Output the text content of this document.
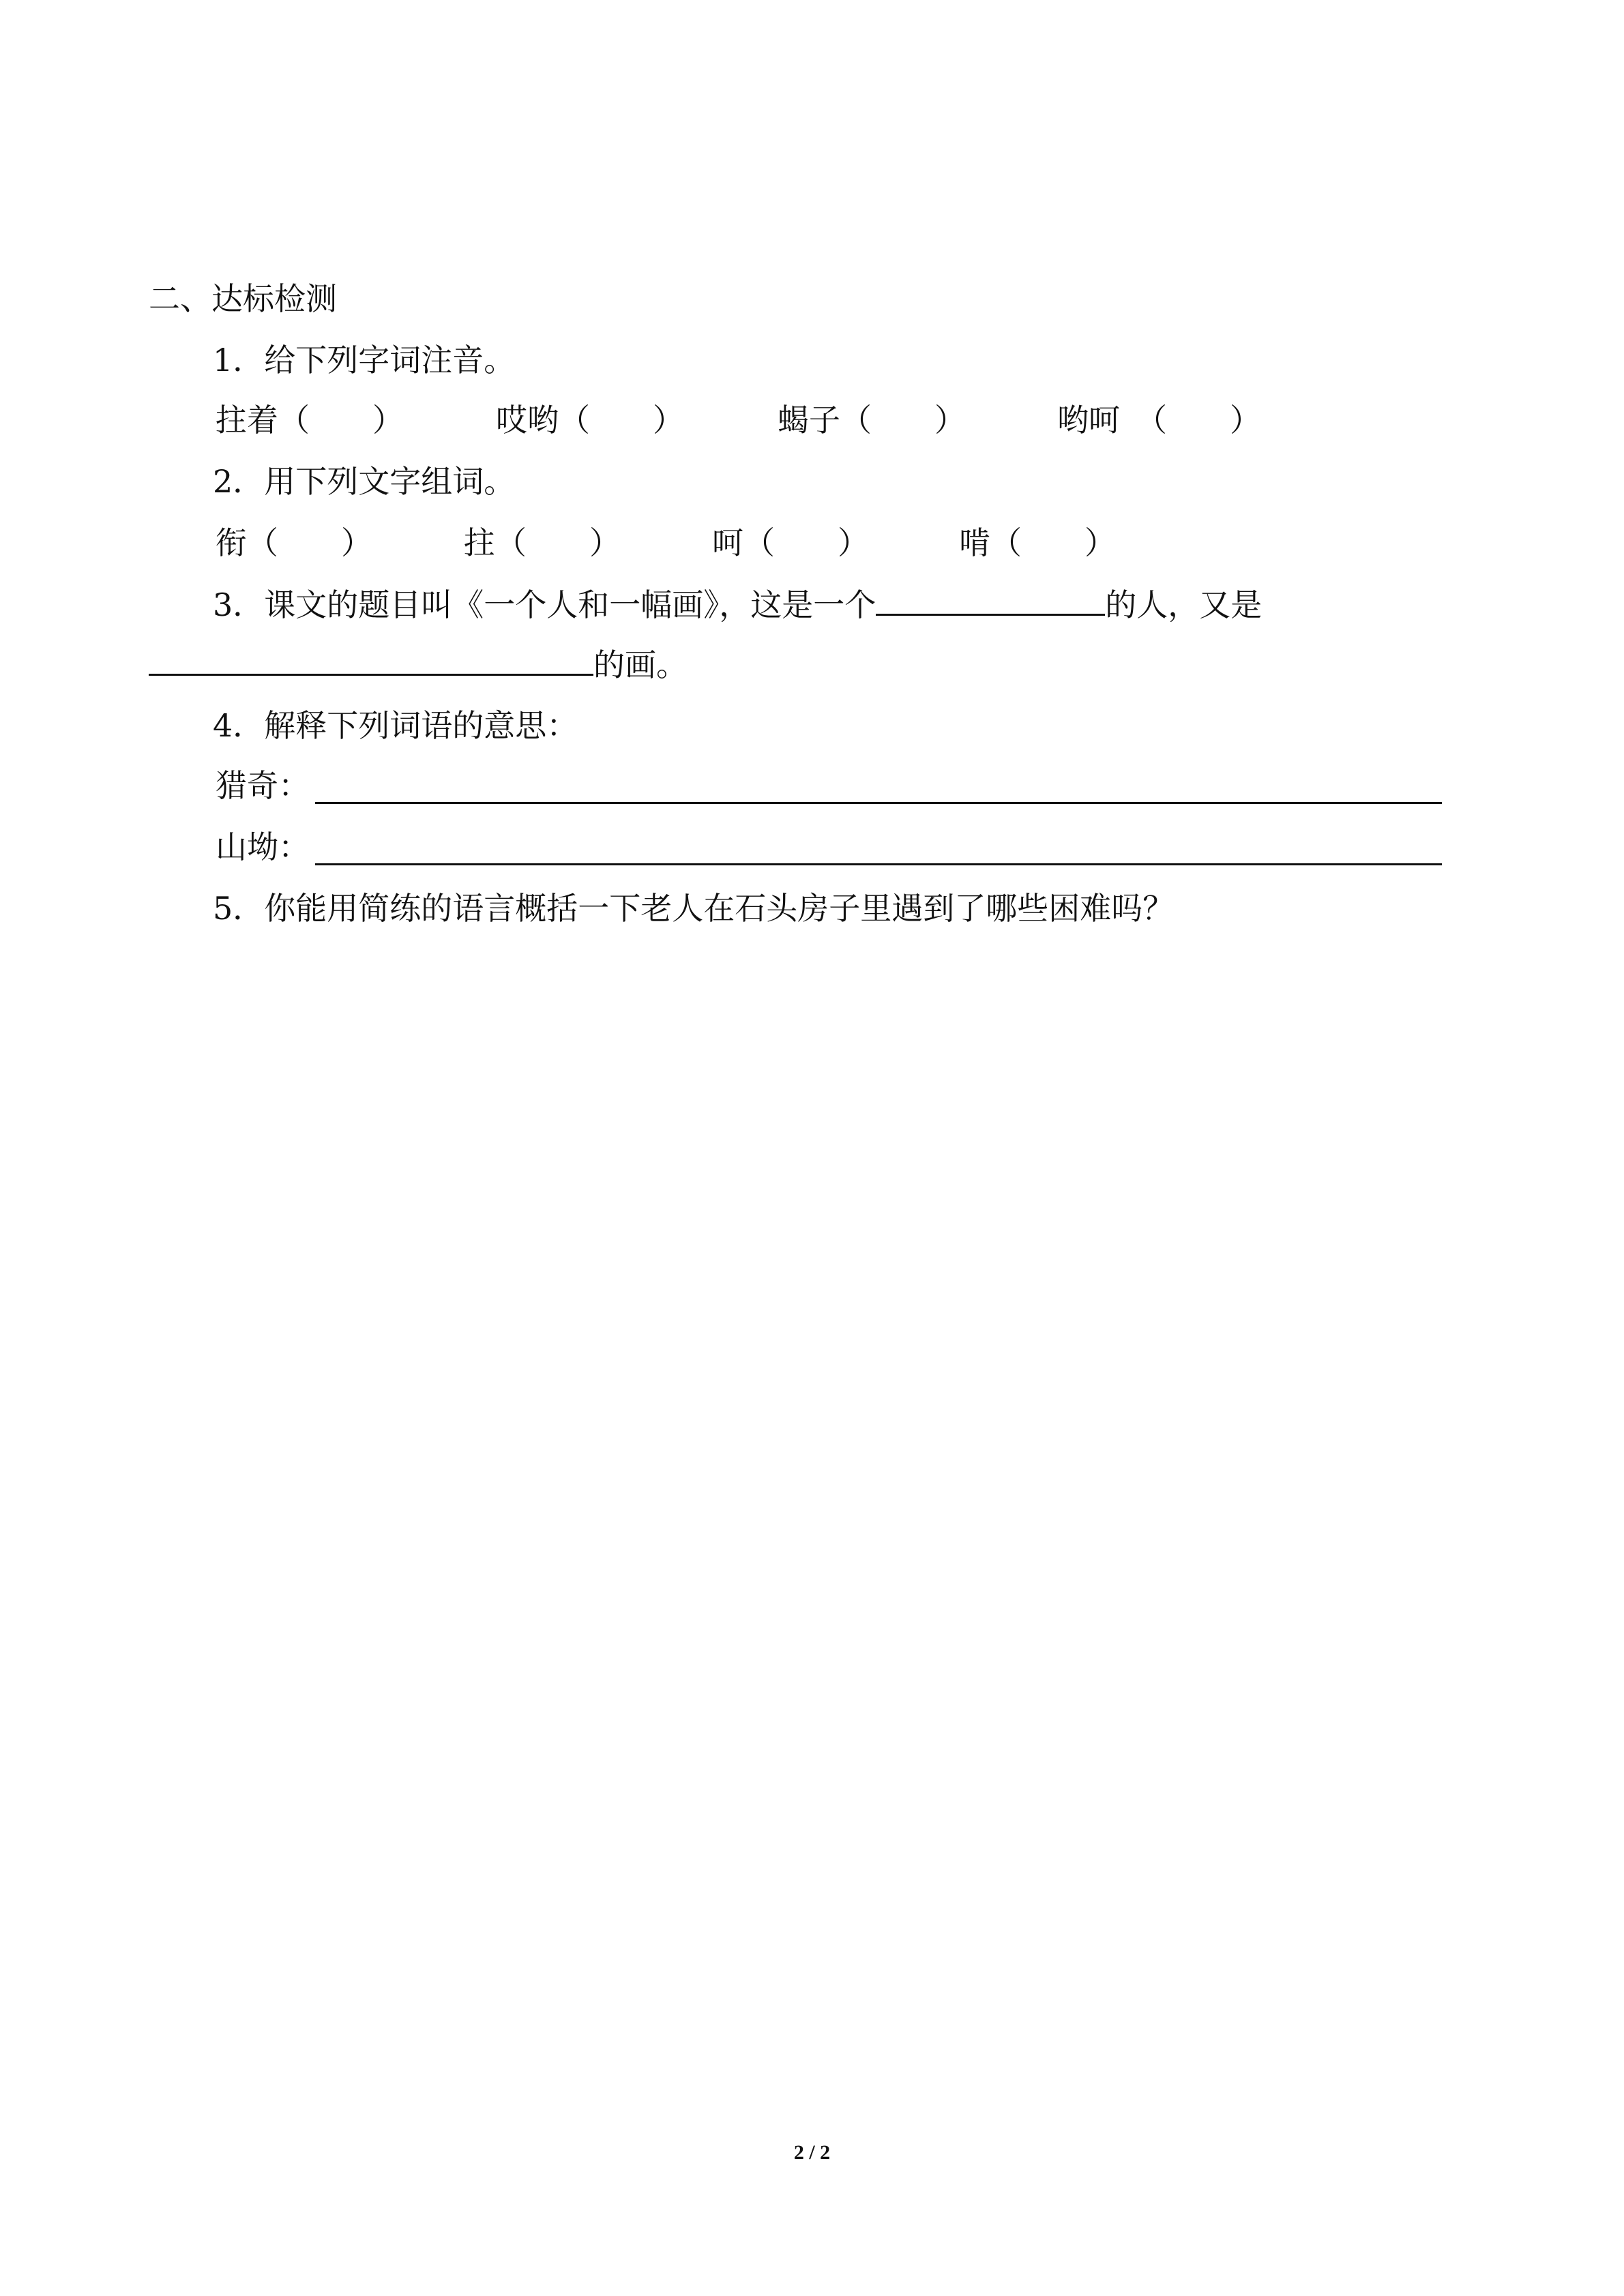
二、达标检测
1．给下列字词注音。
拄着（　　）	哎哟（　　）	蝎子（　　）	哟呵　（　　）
2．用下列文字组词。
衔（　　）	拄（　　）	呵（　　）	啃（　　）
3．课文的题目叫《一个人和一幅画》，这是一个	的人，又是
的画。
4．解释下列词语的意思：
猎奇：
山坳：
5．你能用简练的语言概括一下老人在石头房子里遇到了哪些困难吗？
2 / 2
